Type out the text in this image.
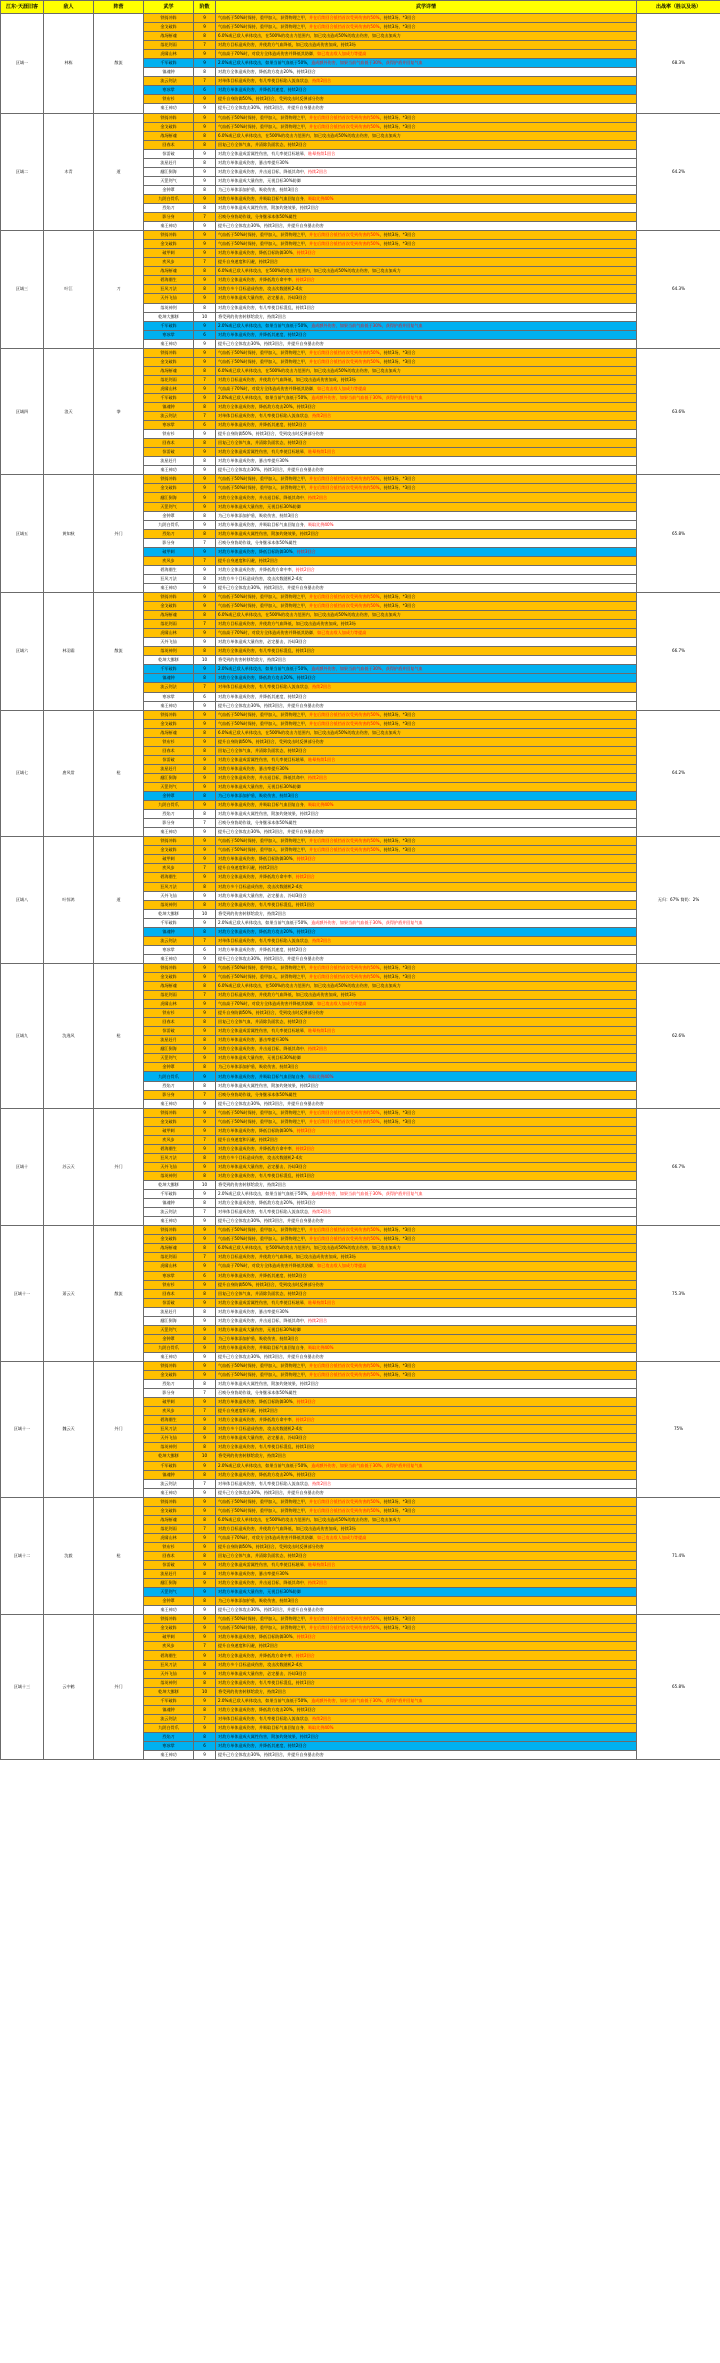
江东·天涯旧客	敌人	阵营	武学	阶数	武学详情	出战率（胜以及场）
区域一	林栋	散流	铁骑冲阵	9	气血低于50%时保持，重甲加入，获得物理之甲，并在后续回合抵挡首次受到伤害的50%，持续3场，*3回合	68.3%
			金戈破阵	9	气血低于50%时保持，重甲加入，获得物理之甲，并在后续回合抵挡首次受到伤害的50%，持续3场，*3回合	
			战场断魂	8	6.0%或已敌人单体攻击，在500%的攻击力范围内，如已攻击造成50%的攻击伤害，如已攻击加成力	
			落花剑雨	7	对敌方目标造成伤害，并使敌方气血降低，如已攻击造成伤害加成，持续3场	
			虎啸山林	9	气血高于70%时，对敌方全体造成伤害并降低其防御，如已攻击敌人加成力等提高	
			千军破阵	9	2.0%或已敌人单体攻击，如果当前气血低于50%，造成额外伤害，如果当前气血低于30%，获得护盾并回复气血	
			镇魂钟	8	对敌方全体造成伤害，降低敌方攻击20%，持续3回合	
			流云剑法	7	对单体目标造成伤害，有几率使目标陷入流血状态，持续2回合	
			寒冰掌	6	对敌方单体造成伤害，并降低其速度，持续2回合	
			铁布衫	9	提升自身防御50%，持续3回合，受到攻击时反弹部分伤害	
			秦王神功	9	提升己方全体攻击30%，持续3回合，并提升自身暴击伤害	
区域二	木青	道	铁骑冲阵	9	气血低于50%时保持，重甲加入，获得物理之甲，并在后续回合抵挡首次受到伤害的50%，持续3场，*3回合	64.2%
			金戈破阵	9	气血低于50%时保持，重甲加入，获得物理之甲，并在后续回合抵挡首次受到伤害的50%，持续3场，*3回合	
			战场断魂	8	6.0%或已敌人单体攻击，在500%的攻击力范围内，如已攻击造成50%的攻击伤害，如已攻击加成力	
			回春术	8	回复己方全体气血，并清除负面状态，持续2回合	
			惊雷破	9	对敌方全体造成雷属性伤害，有几率使目标眩晕，眩晕持续1回合	
			流星赶月	8	对敌方单体造成伤害，暴击率提升30%	
			翻江倒海	9	对敌方全体造成伤害，并击退目标，降低其命中，持续2回合	
			天罡剑气	9	对敌方单体造成大量伤害，无视目标30%防御	
			金钟罩	8	为己方单体添加护盾，吸收伤害，持续3回合	
			九阴白骨爪	9	对敌方单体造成伤害，并吸取目标气血回复自身，吸取比例40%	
			烈焰刀	8	对敌方单体造成火属性伤害，附加灼烧效果，持续2回合	
			影分身	7	召唤分身协助作战，分身继承本体50%属性	
			秦王神功	9	提升己方全体攻击30%，持续3回合，并提升自身暴击伤害	
区域三	叶江	刀	铁骑冲阵	9	气血低于50%时保持，重甲加入，获得物理之甲，并在后续回合抵挡首次受到伤害的50%，持续3场，*3回合	64.3%
			金戈破阵	9	气血低于50%时保持，重甲加入，获得物理之甲，并在后续回合抵挡首次受到伤害的50%，持续3场，*3回合	
			破甲刺	9	对敌方单体造成伤害，降低目标防御30%，持续3回合	
			疾风步	7	提升自身速度和闪避，持续2回合	
			战场断魂	8	6.0%或已敌人单体攻击，在500%的攻击力范围内，如已攻击造成50%的攻击伤害，如已攻击加成力	
			碧海潮生	9	对敌方全体造成伤害，并降低敌方命中率，持续2回合	
			狂风刀法	8	对敌方多个目标造成伤害，攻击次数随机2-4次	
			天外飞仙	9	对敌方单体造成大量伤害，必定暴击，冷却3回合	
			落英神剑	8	对敌方全体造成伤害，有几率使目标混乱，持续1回合	
			乾坤大挪移	10	将受到的伤害转移给敌方，持续2回合	
			千军破阵	9	2.0%或已敌人单体攻击，如果当前气血低于50%，造成额外伤害，如果当前气血低于30%，获得护盾并回复气血	
			寒冰掌	6	对敌方单体造成伤害，并降低其速度，持续2回合	
			秦王神功	9	提升己方全体攻击30%，持续3回合，并提升自身暴击伤害	
区域四	浪天	拳	铁骑冲阵	9	气血低于50%时保持，重甲加入，获得物理之甲，并在后续回合抵挡首次受到伤害的50%，持续3场，*3回合	63.6%
			金戈破阵	9	气血低于50%时保持，重甲加入，获得物理之甲，并在后续回合抵挡首次受到伤害的50%，持续3场，*3回合	
			战场断魂	8	6.0%或已敌人单体攻击，在500%的攻击力范围内，如已攻击造成50%的攻击伤害，如已攻击加成力	
			落花剑雨	7	对敌方目标造成伤害，并使敌方气血降低，如已攻击造成伤害加成，持续3场	
			虎啸山林	9	气血高于70%时，对敌方全体造成伤害并降低其防御，如已攻击敌人加成力等提高	
			千军破阵	9	2.0%或已敌人单体攻击，如果当前气血低于50%，造成额外伤害，如果当前气血低于30%，获得护盾并回复气血	
			镇魂钟	8	对敌方全体造成伤害，降低敌方攻击20%，持续3回合	
			流云剑法	7	对单体目标造成伤害，有几率使目标陷入流血状态，持续2回合	
			寒冰掌	6	对敌方单体造成伤害，并降低其速度，持续2回合	
			铁布衫	9	提升自身防御50%，持续3回合，受到攻击时反弹部分伤害	
			回春术	8	回复己方全体气血，并清除负面状态，持续2回合	
			惊雷破	9	对敌方全体造成雷属性伤害，有几率使目标眩晕，眩晕持续1回合	
			流星赶月	8	对敌方单体造成伤害，暴击率提升30%	
			秦王神功	9	提升己方全体攻击30%，持续3回合，并提升自身暴击伤害	
区域五	黄知秋	外门	铁骑冲阵	9	气血低于50%时保持，重甲加入，获得物理之甲，并在后续回合抵挡首次受到伤害的50%，持续3场，*3回合	65.8%
			金戈破阵	9	气血低于50%时保持，重甲加入，获得物理之甲，并在后续回合抵挡首次受到伤害的50%，持续3场，*3回合	
			翻江倒海	9	对敌方全体造成伤害，并击退目标，降低其命中，持续2回合	
			天罡剑气	9	对敌方单体造成大量伤害，无视目标30%防御	
			金钟罩	8	为己方单体添加护盾，吸收伤害，持续3回合	
			九阴白骨爪	9	对敌方单体造成伤害，并吸取目标气血回复自身，吸取比例40%	
			烈焰刀	8	对敌方单体造成火属性伤害，附加灼烧效果，持续2回合	
			影分身	7	召唤分身协助作战，分身继承本体50%属性	
			破甲刺	9	对敌方单体造成伤害，降低目标防御30%，持续3回合	
			疾风步	7	提升自身速度和闪避，持续2回合	
			碧海潮生	9	对敌方全体造成伤害，并降低敌方命中率，持续2回合	
			狂风刀法	8	对敌方多个目标造成伤害，攻击次数随机2-4次	
			秦王神功	9	提升己方全体攻击30%，持续3回合，并提升自身暴击伤害	
区域六	林羽霜	散流	铁骑冲阵	9	气血低于50%时保持，重甲加入，获得物理之甲，并在后续回合抵挡首次受到伤害的50%，持续3场，*3回合	66.7%
			金戈破阵	9	气血低于50%时保持，重甲加入，获得物理之甲，并在后续回合抵挡首次受到伤害的50%，持续3场，*3回合	
			战场断魂	8	6.0%或已敌人单体攻击，在500%的攻击力范围内，如已攻击造成50%的攻击伤害，如已攻击加成力	
			落花剑雨	7	对敌方目标造成伤害，并使敌方气血降低，如已攻击造成伤害加成，持续3场	
			虎啸山林	9	气血高于70%时，对敌方全体造成伤害并降低其防御，如已攻击敌人加成力等提高	
			天外飞仙	9	对敌方单体造成大量伤害，必定暴击，冷却3回合	
			落英神剑	8	对敌方全体造成伤害，有几率使目标混乱，持续1回合	
			乾坤大挪移	10	将受到的伤害转移给敌方，持续2回合	
			千军破阵	9	2.0%或已敌人单体攻击，如果当前气血低于50%，造成额外伤害，如果当前气血低于30%，获得护盾并回复气血	
			镇魂钟	8	对敌方全体造成伤害，降低敌方攻击20%，持续3回合	
			流云剑法	7	对单体目标造成伤害，有几率使目标陷入流血状态，持续2回合	
			寒冰掌	6	对敌方单体造成伤害，并降低其速度，持续2回合	
			秦王神功	9	提升己方全体攻击30%，持续3回合，并提升自身暴击伤害	
区域七	唐风常	枪	铁骑冲阵	9	气血低于50%时保持，重甲加入，获得物理之甲，并在后续回合抵挡首次受到伤害的50%，持续3场，*3回合	64.2%
			金戈破阵	9	气血低于50%时保持，重甲加入，获得物理之甲，并在后续回合抵挡首次受到伤害的50%，持续3场，*3回合	
			战场断魂	8	6.0%或已敌人单体攻击，在500%的攻击力范围内，如已攻击造成50%的攻击伤害，如已攻击加成力	
			铁布衫	9	提升自身防御50%，持续3回合，受到攻击时反弹部分伤害	
			回春术	8	回复己方全体气血，并清除负面状态，持续2回合	
			惊雷破	9	对敌方全体造成雷属性伤害，有几率使目标眩晕，眩晕持续1回合	
			流星赶月	8	对敌方单体造成伤害，暴击率提升30%	
			翻江倒海	9	对敌方全体造成伤害，并击退目标，降低其命中，持续2回合	
			天罡剑气	9	对敌方单体造成大量伤害，无视目标30%防御	
			金钟罩	8	为己方单体添加护盾，吸收伤害，持续3回合	
			九阴白骨爪	9	对敌方单体造成伤害，并吸取目标气血回复自身，吸取比例40%	
			烈焰刀	8	对敌方单体造成火属性伤害，附加灼烧效果，持续2回合	
			影分身	7	召唤分身协助作战，分身继承本体50%属性	
			秦王神功	9	提升己方全体攻击30%，持续3回合，并提升自身暴击伤害	
区域八	叶惊鸿	道	铁骑冲阵	9	气血低于50%时保持，重甲加入，获得物理之甲，并在后续回合抵挡首次受到伤害的50%，持续3场，*3回合	无归：67% 简奶：2%
			金戈破阵	9	气血低于50%时保持，重甲加入，获得物理之甲，并在后续回合抵挡首次受到伤害的50%，持续3场，*3回合	
			破甲刺	9	对敌方单体造成伤害，降低目标防御30%，持续3回合	
			疾风步	7	提升自身速度和闪避，持续2回合	
			碧海潮生	9	对敌方全体造成伤害，并降低敌方命中率，持续2回合	
			狂风刀法	8	对敌方多个目标造成伤害，攻击次数随机2-4次	
			天外飞仙	9	对敌方单体造成大量伤害，必定暴击，冷却3回合	
			落英神剑	8	对敌方全体造成伤害，有几率使目标混乱，持续1回合	
			乾坤大挪移	10	将受到的伤害转移给敌方，持续2回合	
			千军破阵	9	2.0%或已敌人单体攻击，如果当前气血低于50%，造成额外伤害，如果当前气血低于30%，获得护盾并回复气血	
			镇魂钟	8	对敌方全体造成伤害，降低敌方攻击20%，持续3回合	
			流云剑法	7	对单体目标造成伤害，有几率使目标陷入流血状态，持续2回合	
			寒冰掌	6	对敌方单体造成伤害，并降低其速度，持续2回合	
			秦王神功	9	提升己方全体攻击30%，持续3回合，并提升自身暴击伤害	
区域九	沈逸风	枪	铁骑冲阵	9	气血低于50%时保持，重甲加入，获得物理之甲，并在后续回合抵挡首次受到伤害的50%，持续3场，*3回合	62.6%
			金戈破阵	9	气血低于50%时保持，重甲加入，获得物理之甲，并在后续回合抵挡首次受到伤害的50%，持续3场，*3回合	
			战场断魂	8	6.0%或已敌人单体攻击，在500%的攻击力范围内，如已攻击造成50%的攻击伤害，如已攻击加成力	
			落花剑雨	7	对敌方目标造成伤害，并使敌方气血降低，如已攻击造成伤害加成，持续3场	
			虎啸山林	9	气血高于70%时，对敌方全体造成伤害并降低其防御，如已攻击敌人加成力等提高	
			铁布衫	9	提升自身防御50%，持续3回合，受到攻击时反弹部分伤害	
			回春术	8	回复己方全体气血，并清除负面状态，持续2回合	
			惊雷破	9	对敌方全体造成雷属性伤害，有几率使目标眩晕，眩晕持续1回合	
			流星赶月	8	对敌方单体造成伤害，暴击率提升30%	
			翻江倒海	9	对敌方全体造成伤害，并击退目标，降低其命中，持续2回合	
			天罡剑气	9	对敌方单体造成大量伤害，无视目标30%防御	
			金钟罩	8	为己方单体添加护盾，吸收伤害，持续3回合	
			九阴白骨爪	9	对敌方单体造成伤害，并吸取目标气血回复自身，吸取比例40%	
			烈焰刀	8	对敌方单体造成火属性伤害，附加灼烧效果，持续2回合	
			影分身	7	召唤分身协助作战，分身继承本体50%属性	
			秦王神功	9	提升己方全体攻击30%，持续3回合，并提升自身暴击伤害	
区域十	苏云天	外门	铁骑冲阵	9	气血低于50%时保持，重甲加入，获得物理之甲，并在后续回合抵挡首次受到伤害的50%，持续3场，*3回合	66.7%
			金戈破阵	9	气血低于50%时保持，重甲加入，获得物理之甲，并在后续回合抵挡首次受到伤害的50%，持续3场，*3回合	
			破甲刺	9	对敌方单体造成伤害，降低目标防御30%，持续3回合	
			疾风步	7	提升自身速度和闪避，持续2回合	
			碧海潮生	9	对敌方全体造成伤害，并降低敌方命中率，持续2回合	
			狂风刀法	8	对敌方多个目标造成伤害，攻击次数随机2-4次	
			天外飞仙	9	对敌方单体造成大量伤害，必定暴击，冷却3回合	
			落英神剑	8	对敌方全体造成伤害，有几率使目标混乱，持续1回合	
			乾坤大挪移	10	将受到的伤害转移给敌方，持续2回合	
			千军破阵	9	2.0%或已敌人单体攻击，如果当前气血低于50%，造成额外伤害，如果当前气血低于30%，获得护盾并回复气血	
			镇魂钟	8	对敌方全体造成伤害，降低敌方攻击20%，持续3回合	
			流云剑法	7	对单体目标造成伤害，有几率使目标陷入流血状态，持续2回合	
			秦王神功	9	提升己方全体攻击30%，持续3回合，并提升自身暴击伤害	
区域十一	萧云天	散流	铁骑冲阵	9	气血低于50%时保持，重甲加入，获得物理之甲，并在后续回合抵挡首次受到伤害的50%，持续3场，*3回合	75.3%
			金戈破阵	9	气血低于50%时保持，重甲加入，获得物理之甲，并在后续回合抵挡首次受到伤害的50%，持续3场，*3回合	
			战场断魂	8	6.0%或已敌人单体攻击，在500%的攻击力范围内，如已攻击造成50%的攻击伤害，如已攻击加成力	
			落花剑雨	7	对敌方目标造成伤害，并使敌方气血降低，如已攻击造成伤害加成，持续3场	
			虎啸山林	9	气血高于70%时，对敌方全体造成伤害并降低其防御，如已攻击敌人加成力等提高	
			寒冰掌	6	对敌方单体造成伤害，并降低其速度，持续2回合	
			铁布衫	9	提升自身防御50%，持续3回合，受到攻击时反弹部分伤害	
			回春术	8	回复己方全体气血，并清除负面状态，持续2回合	
			惊雷破	9	对敌方全体造成雷属性伤害，有几率使目标眩晕，眩晕持续1回合	
			流星赶月	8	对敌方单体造成伤害，暴击率提升30%	
			翻江倒海	9	对敌方全体造成伤害，并击退目标，降低其命中，持续2回合	
			天罡剑气	9	对敌方单体造成大量伤害，无视目标30%防御	
			金钟罩	8	为己方单体添加护盾，吸收伤害，持续3回合	
			九阴白骨爪	9	对敌方单体造成伤害，并吸取目标气血回复自身，吸取比例40%	
			秦王神功	9	提升己方全体攻击30%，持续3回合，并提升自身暴击伤害	
区域十一	魏云天	外门	铁骑冲阵	9	气血低于50%时保持，重甲加入，获得物理之甲，并在后续回合抵挡首次受到伤害的50%，持续3场，*3回合	75%
			金戈破阵	9	气血低于50%时保持，重甲加入，获得物理之甲，并在后续回合抵挡首次受到伤害的50%，持续3场，*3回合	
			烈焰刀	8	对敌方单体造成火属性伤害，附加灼烧效果，持续2回合	
			影分身	7	召唤分身协助作战，分身继承本体50%属性	
			破甲刺	9	对敌方单体造成伤害，降低目标防御30%，持续3回合	
			疾风步	7	提升自身速度和闪避，持续2回合	
			碧海潮生	9	对敌方全体造成伤害，并降低敌方命中率，持续2回合	
			狂风刀法	8	对敌方多个目标造成伤害，攻击次数随机2-4次	
			天外飞仙	9	对敌方单体造成大量伤害，必定暴击，冷却3回合	
			落英神剑	8	对敌方全体造成伤害，有几率使目标混乱，持续1回合	
			乾坤大挪移	10	将受到的伤害转移给敌方，持续2回合	
			千军破阵	9	2.0%或已敌人单体攻击，如果当前气血低于50%，造成额外伤害，如果当前气血低于30%，获得护盾并回复气血	
			镇魂钟	8	对敌方全体造成伤害，降低敌方攻击20%，持续3回合	
			流云剑法	7	对单体目标造成伤害，有几率使目标陷入流血状态，持续2回合	
			秦王神功	9	提升己方全体攻击30%，持续3回合，并提升自身暴击伤害	
区域十二	沈毅	枪	铁骑冲阵	9	气血低于50%时保持，重甲加入，获得物理之甲，并在后续回合抵挡首次受到伤害的50%，持续3场，*3回合	71.4%
			金戈破阵	9	气血低于50%时保持，重甲加入，获得物理之甲，并在后续回合抵挡首次受到伤害的50%，持续3场，*3回合	
			战场断魂	8	6.0%或已敌人单体攻击，在500%的攻击力范围内，如已攻击造成50%的攻击伤害，如已攻击加成力	
			落花剑雨	7	对敌方目标造成伤害，并使敌方气血降低，如已攻击造成伤害加成，持续3场	
			虎啸山林	9	气血高于70%时，对敌方全体造成伤害并降低其防御，如已攻击敌人加成力等提高	
			铁布衫	9	提升自身防御50%，持续3回合，受到攻击时反弹部分伤害	
			回春术	8	回复己方全体气血，并清除负面状态，持续2回合	
			惊雷破	9	对敌方全体造成雷属性伤害，有几率使目标眩晕，眩晕持续1回合	
			流星赶月	8	对敌方单体造成伤害，暴击率提升30%	
			翻江倒海	9	对敌方全体造成伤害，并击退目标，降低其命中，持续2回合	
			天罡剑气	9	对敌方单体造成大量伤害，无视目标30%防御	
			金钟罩	8	为己方单体添加护盾，吸收伤害，持续3回合	
			秦王神功	9	提升己方全体攻击30%，持续3回合，并提升自身暴击伤害	
区域十三	云中鹤	外门	铁骑冲阵	9	气血低于50%时保持，重甲加入，获得物理之甲，并在后续回合抵挡首次受到伤害的50%，持续3场，*3回合	65.8%
			金戈破阵	9	气血低于50%时保持，重甲加入，获得物理之甲，并在后续回合抵挡首次受到伤害的50%，持续3场，*3回合	
			破甲刺	9	对敌方单体造成伤害，降低目标防御30%，持续3回合	
			疾风步	7	提升自身速度和闪避，持续2回合	
			碧海潮生	9	对敌方全体造成伤害，并降低敌方命中率，持续2回合	
			狂风刀法	8	对敌方多个目标造成伤害，攻击次数随机2-4次	
			天外飞仙	9	对敌方单体造成大量伤害，必定暴击，冷却3回合	
			落英神剑	8	对敌方全体造成伤害，有几率使目标混乱，持续1回合	
			乾坤大挪移	10	将受到的伤害转移给敌方，持续2回合	
			千军破阵	9	2.0%或已敌人单体攻击，如果当前气血低于50%，造成额外伤害，如果当前气血低于30%，获得护盾并回复气血	
			镇魂钟	8	对敌方全体造成伤害，降低敌方攻击20%，持续3回合	
			流云剑法	7	对单体目标造成伤害，有几率使目标陷入流血状态，持续2回合	
			九阴白骨爪	9	对敌方单体造成伤害，并吸取目标气血回复自身，吸取比例40%	
			烈焰刀	8	对敌方单体造成火属性伤害，附加灼烧效果，持续2回合	
			寒冰掌	6	对敌方单体造成伤害，并降低其速度，持续2回合	
			秦王神功	9	提升己方全体攻击30%，持续3回合，并提升自身暴击伤害	
